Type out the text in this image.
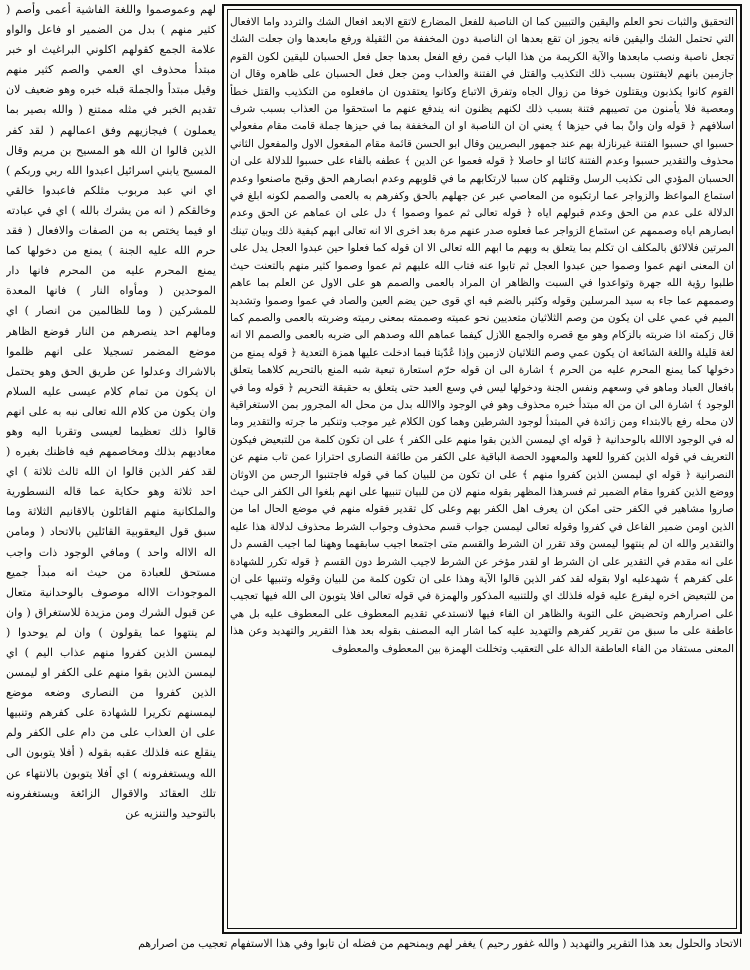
التحقيق والثبات نحو العلم واليقين والتبيين كما ان الناصبة للفعل المضارع لاتقع الابعد افعال الشك والتردد واما الافعال التي تحتمل الشك واليقين فانه يجوز ان تقع بعدها ان الناصبة دون المخففة من الثقيلة ورفع مابعدها وان جعلت الشك تجعل ناصبة ونصب مابعدها والآية الكريمة من هذا الباب فمن رفع الفعل بعدها جعل فعل الحسبان لليقين لكون القوم جازمين بانهم لايفتنون بسبب ذلك التكذيب والقتل في الفتنة والعذاب ومن جعل فعل الحسبان على ظاهره وقال ان القوم كانوا يكذبون ويقتلون خوفا من زوال الجاه وتفرق الاتباع وكانوا يعتقدون ان مافعلوه من التكذيب والقتل خطأ ومعصية فلا يأمنون من تصيبهم فتنة بسبب ذلك لكنهم يظنون انه يندفع عنهم ما استحقوا من العذاب بسبب شرف اسلافهم ﴿ قوله وان وانْ بما في حيزها ﴾ يعني ان ان الناصبة او ان المخففة بما في حيزها جملة قامت مقام مفعولي حسبوا اي حسبوا الفتنة غيرنازلة بهم عند جمهور البصريين وقال ابو الحسن قائمة مقام المفعول الاول والمفعول الثاني محذوف والتقدير حسبوا وعدم الفتنة كائنا او حاصلا ﴿ قوله فعموا عن الدين ﴾ عطفه بالفاء على حسبوا للدلالة على ان الحسبان المؤدي الى تكذيب الرسل وقتلهم كان سببا لارتكابهم ما في قلوبهم وعدم ابصارهم الحق وقبح ماصنعوا وعدم استماع المواعظ والزواجر عما ارتكبوه من المعاصي عبر عن جهلهم بالحق وكفرهم به بالعمى والصمم لكونه ابلغ في الدلالة على عدم من الحق وعدم قبولهم اياه ﴿ قوله تعالى ثم عموا وصموا ﴾ دل على ان عماهم عن الحق وعدم ابصارهم اياه وصممهم عن استماع الزواجر عما فعلوه صدر عنهم مرة بعد اخرى الا انه تعالى ابهم كيفية ذلك وبيان تينك المرتين فلالائق بالمكلف ان تكلم بما يتعلق به وبهم ما ابهم الله تعالى الا ان قوله كما فعلوا حين عبدوا العجل يدل على ان المعنى انهم عموا وصموا حين عبدوا العجل ثم تابوا عنه فتاب الله عليهم ثم عموا وصموا كثير منهم بالتعنت حيث طلبوا رؤية الله جهرة وتواعدوا في السبت والظاهر ان المراد بالعمى والصمم هو على الاول عن العلم بما عاهم وصممهم عما جاء به سيد المرسلين وقوله وكثير بالضم فيه اي قوى حين يضم العين والصاد في عموا وصموا وتشديد الميم في عمي على ان يكون من وصم الثلاثيان متعديين نحو عميته وصممته بمعنى رميته وضربته بالعمى والصمم كما قال زكمته اذا ضربته بالزكام وهو مع قصره والجمع اللازل كيفما عماهم الله وصدهم الى ضربه بالعمى والصمم الا انه لغة قليلة واللغة الشائعة ان يكون عمي وصم الثلاثيان لازمين وإذا عُدّيتا فبما ادخلت عليها همزة التعدية ﴿ قوله يمنع من دخولها كما يمنع المحرم عليه من الحرم ﴾ اشارة الى ان قوله حرّم استعارة تبعية شبه المنع بالتحريم كلاهما يتعلق بافعال العباد وماهو في وسعهم ونفس الجنة ودخولها ليس في وسع العبد حتى يتعلق به حقيقة التحريم ﴿ قوله وما في الوجود ﴾ اشارة الى ان من اله مبتدأ خبره محذوف وهو في الوجود والاالله بدل من محل اله المجرور بمن الاستغراقية لان محله رفع بالابتداء ومن زائدة في المبتدأ لوجود الشرطين وهما كون الكلام غير موجب وتنكير ما جرته والتقدير وما له في الوجود الاالله بالوحدانية ﴿ قوله اي ليمسن الذين بقوا منهم على الكفر ﴾ على ان تكون كلمة من للتبعيض فيكون التعريف في قوله الذين كفروا للعهد والمعهود الحصة الباقية على الكفر من طائفة النصارى احترازا عمن تاب منهم عن النصرانية ﴿ قوله اي ليمسن الذين كفروا منهم ﴾ على ان تكون من للبيان كما في قوله فاجتنبوا الرجس من الاوثان ووضع الذين كفروا مقام الضمير ثم فسرهذا المظهر بقوله منهم لان من للبيان تنبيها على انهم بلغوا الى الكفر الى حيث صاروا مشاهير في الكفر حتى امكن ان يعرف اهل الكفر بهم وعلى كل تقدير فقوله منهم في موضع الحال اما من الذين اومن ضمير الفاعل في كفروا وقوله تعالى ليمسن جواب قسم محذوف وجواب الشرط محذوف لدلالة هذا عليه والتقدير والله ان لم ينتهوا ليمسن وقد تقرر ان الشرط والقسم متى اجتمعا اجيب سابقهما وههنا لما اجيب القسم دل على انه مقدم في التقدير على ان الشرط او لقدر مؤخر عن الشرط لاجيب الشرط دون القسم ﴿ قوله تكرر للشهادة على كفرهم ﴾ شهدعليه اولا بقوله لقد كفر الذين قالوا الآية وهذا على ان تكون كلمة من للبيان وقوله وتنبيها على ان من للتبعيض اخره ليفرع عليه قوله فلذلك اي وللتنبيه المذكور والهمزة في قوله تعالى افلا يتوبون الى الله فيها تعجيب على اصرارهم وتحضيض على التوبة والظاهر ان الفاء فيها لانستدعي تقديم المعطوف على المعطوف عليه بل هي عاطفة على ما سبق من تقرير كفرهم والتهديد عليه كما اشار اليه المصنف بقوله بعد هذا التقرير والتهديد وعن هذا المعنى مستفاد من الفاء العاطفة الدالة على التعقيب وتخللت الهمزة بين المعطوف والمعطوف

لهم وعموصموا واللغة الفاشية أعمى وأصم ( كثير منهم ) بدل من الضمير او فاعل والواو علامة الجمع كقولهم اكلوني البراغيث او خبر مبتدأ محذوف اي العمي والصم كثير منهم وقيل مبتدأ والجملة قبله خبره وهو ضعيف لان تقديم الخبر في مثله ممتنع ( والله بصير بما يعملون ) فيجازيهم وفق اعمالهم ( لقد كفر الذين قالوا ان الله هو المسيح بن مريم وقال المسيح يابني اسرائيل اعبدوا الله ربي وربكم ) اي اني عبد مربوب مثلكم فاعبدوا خالقي وخالقكم ( انه من يشرك بالله ) اي في عبادته او فيما يختص به من الصفات والافعال ( فقد حرم الله عليه الجنة ) يمنع من دخولها كما يمنع المحرم عليه من المحرم فانها دار الموحدين ( ومأواه النار ) فانها المعدة للمشركين ( وما للظالمين من انصار ) اي ومالهم احد ينصرهم من النار فوضع الظاهر موضع المضمر تسجيلا على انهم ظلموا بالاشراك وعدلوا عن طريق الحق وهو يحتمل ان يكون من تمام كلام عيسى عليه السلام وان يكون من كلام الله تعالى نبه به على انهم قالوا ذلك تعظيما لعيسى وتقربا اليه وهو معاديهم بذلك ومخاصمهم فيه فاظنك بغيره ( لقد كفر الذين قالوا ان الله ثالث ثلاثة ) اي احد ثلاثة وهو حكاية عما قاله النسطورية والملكانية منهم القائلون بالاقانيم الثلاثة وما سبق قول اليعقوبية القائلين بالاتحاد ( ومامن اله الااله واحد ) ومافي الوجود ذات واجب مستحق للعبادة من حيث انه مبدأ جميع الموجودات الااله موصوف بالوحدانية متعال عن قبول الشرك ومن مزيدة للاستغراق ( وان لم ينتهوا عما يقولون ) وان لم يوحدوا ( ليمسن الذين كفروا منهم عذاب اليم ) اي ليمسن الذين بقوا منهم على الكفر او ليمسن الذين كفروا من النصارى وضعه موضع ليمسنهم تكريرا للشهادة على كفرهم وتنبيها على ان العذاب على من دام على الكفر ولم ينقلع عنه فلذلك عقبه بقوله ( أفلا يتوبون الى الله ويستغفرونه ) اي أفلا يتوبون بالانتهاء عن تلك العقائد والاقوال الزائغة ويستغفرونه بالتوحيد والتنزيه عن

الاتحاد والحلول بعد هذا التقرير والتهديد ( والله غفور رحيم ) يغفر لهم ويمنحهم من فضله ان تابوا وفي هذا الاستفهام تعجيب من اصرارهم
